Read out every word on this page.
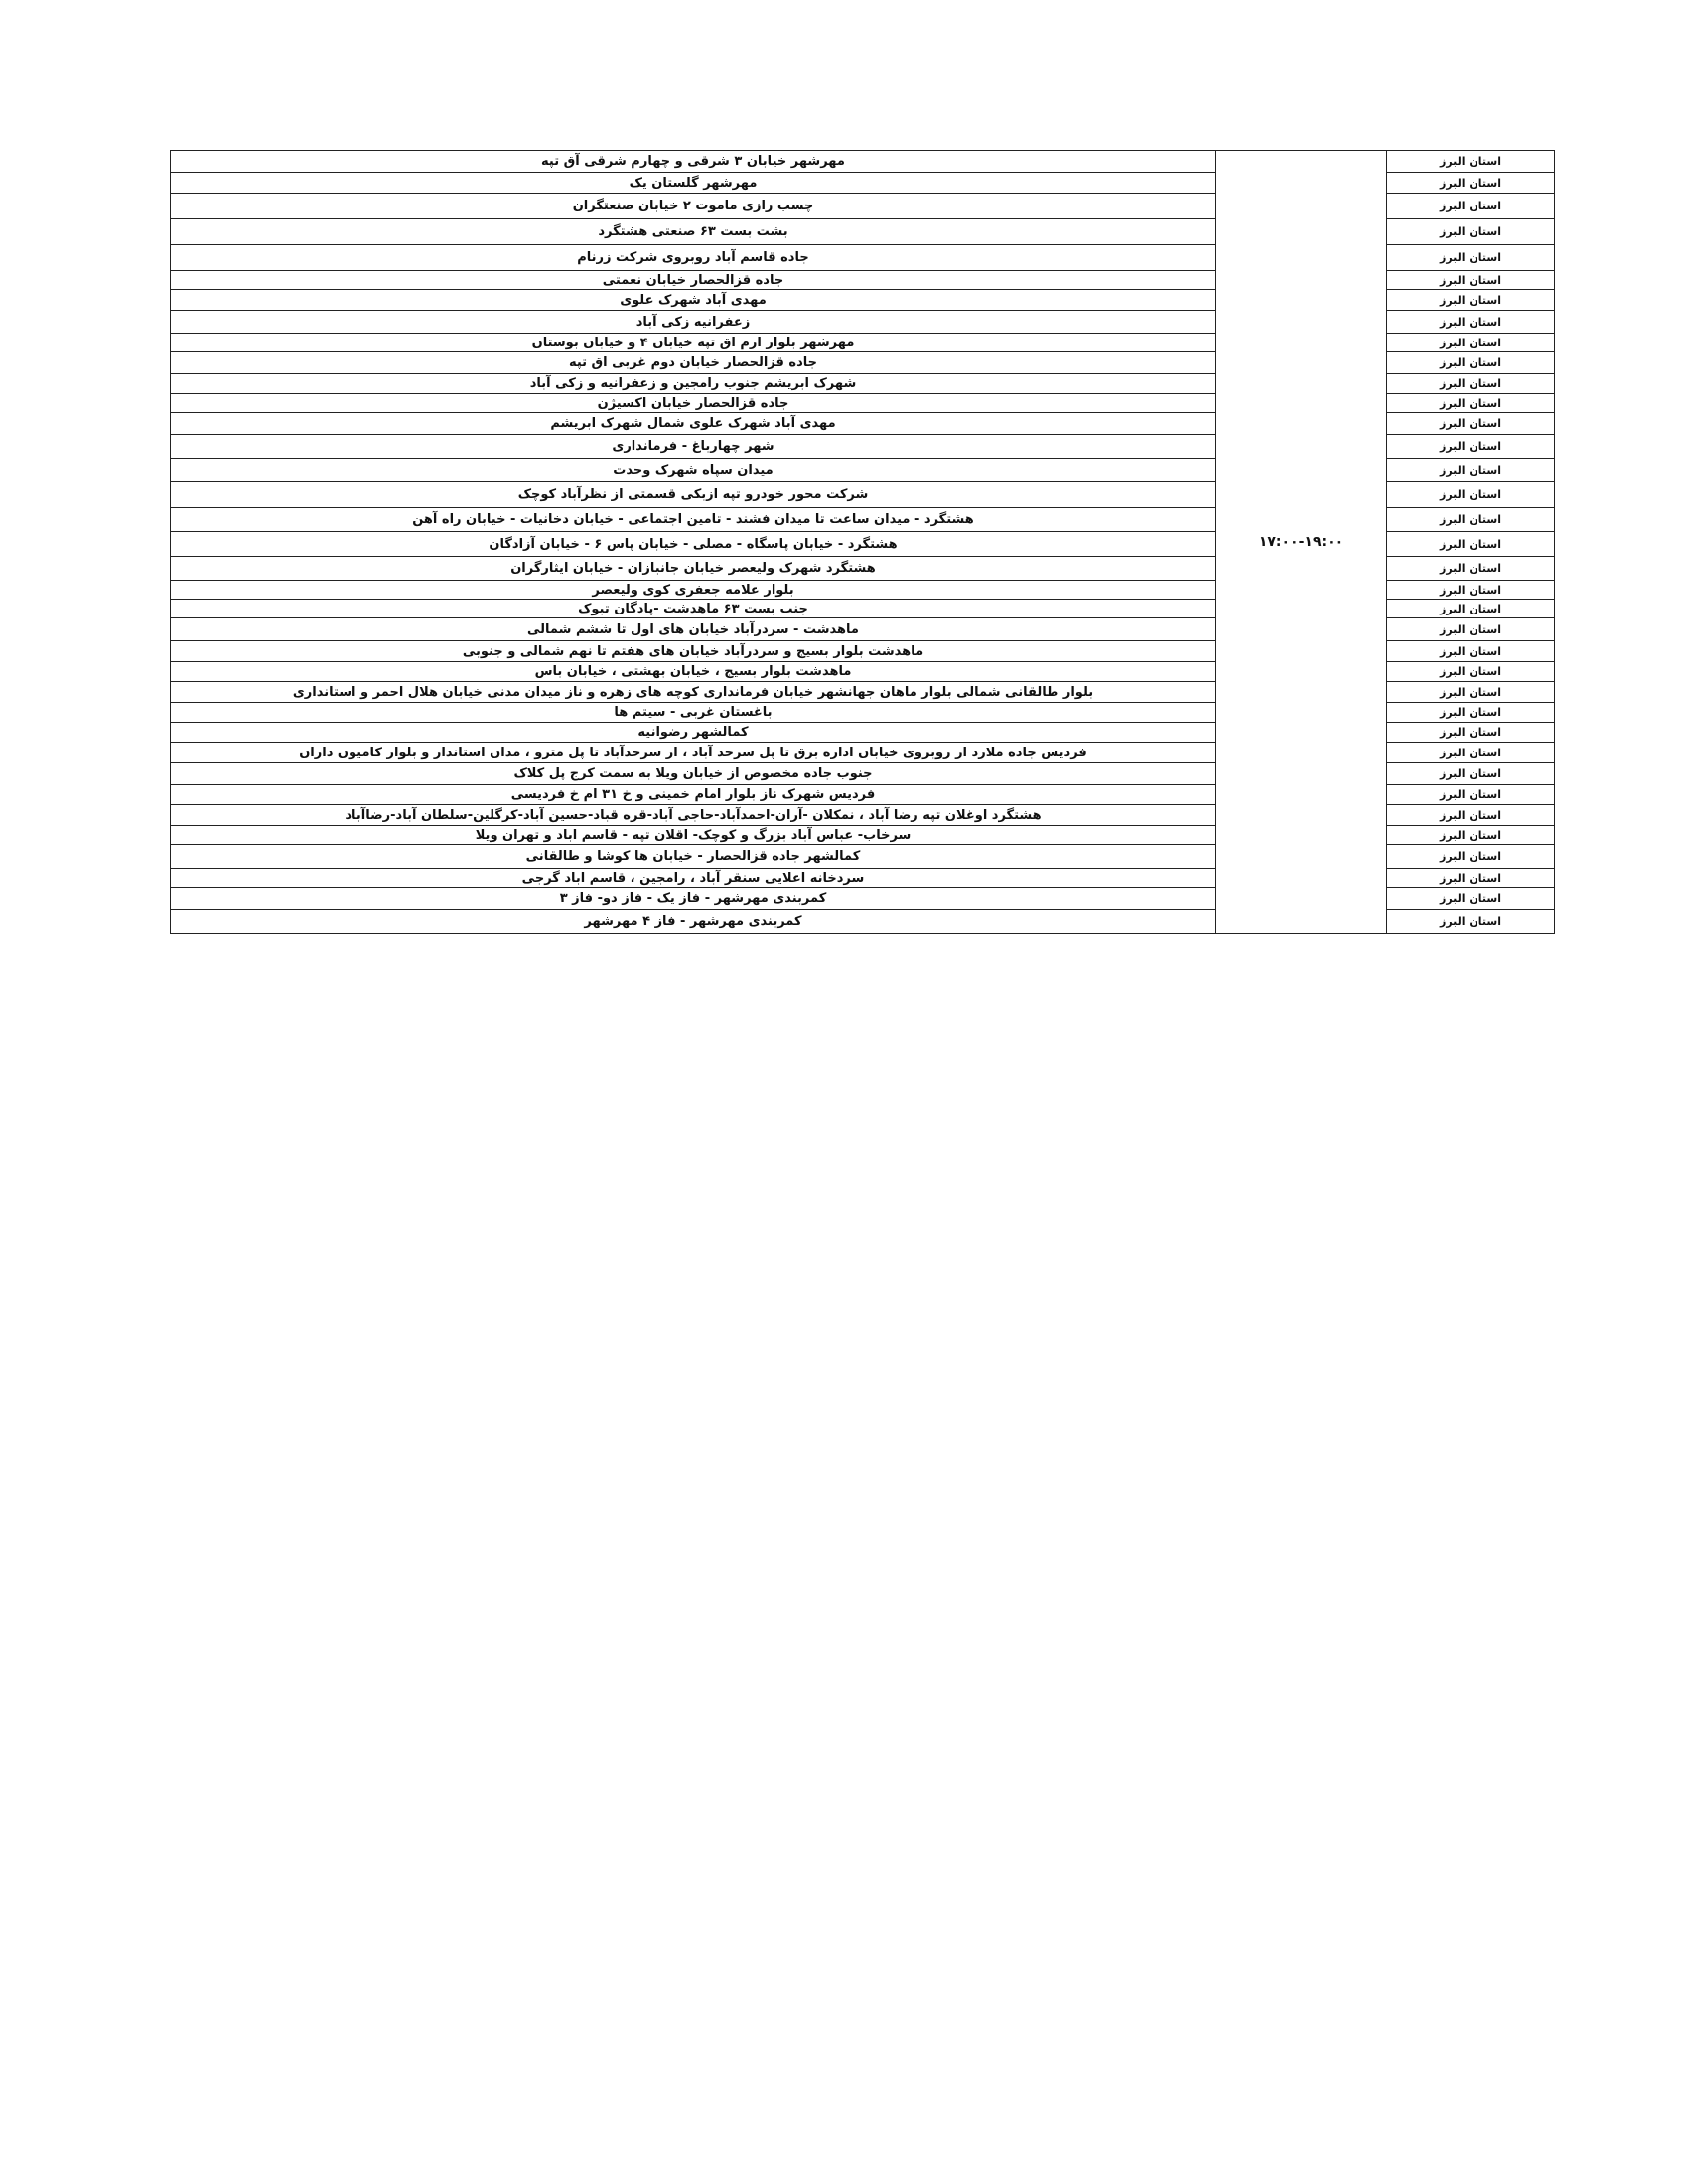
استان البرز	۱۷:۰۰-۱۹:۰۰	مهرشهر خیابان ۳ شرقی و چهارم شرقی آق تپه
استان البرز		مهرشهر گلستان یک
استان البرز		چسب رازی ماموت ۲ خیابان صنعتگران
استان البرز		بشت بست ۶۳ صنعتی هشتگرد
استان البرز		جاده قاسم آباد روبروی شرکت زرنام
استان البرز		جاده قزالحصار خیابان نعمتی
استان البرز		مهدی آباد شهرک علوی
استان البرز		زعفرانیه زکی آباد
استان البرز		مهرشهر بلوار ارم اق تپه خیابان ۴ و خیابان بوستان
استان البرز		جاده قزالحصار خیابان دوم غربی اق تپه
استان البرز		شهرک ابریشم جنوب رامجین و زعفرانیه و زکی آباد
استان البرز		جاده قزالحصار خیابان اکسیژن
استان البرز		مهدی آباد شهرک علوی شمال شهرک ابریشم
استان البرز		شهر چهارباغ - فرمانداری
استان البرز		میدان سپاه شهرک وحدت
استان البرز		شرکت محور خودرو تپه ازبکی قسمتی از نظرآباد کوچک
استان البرز		هشتگرد - میدان ساعت تا میدان فشند - تامین اجتماعی - خیابان دخانیات - خیابان راه آهن
استان البرز		هشتگرد - خیابان پاسگاه - مصلی - خیابان پاس ۶ - خیابان آزادگان
استان البرز		هشتگرد شهرک ولیعصر خیابان جانبازان - خیابان ایثارگران
استان البرز		بلوار علامه جعفری کوی ولیعصر
استان البرز		جنب بست ۶۳ ماهدشت -پادگان تبوک
استان البرز		ماهدشت - سردرآباد خیابان های اول تا ششم شمالی
استان البرز		ماهدشت بلوار بسیج و سردرآباد خیابان های هفتم تا نهم شمالی و جنوبی
استان البرز		ماهدشت بلوار بسیج ، خیابان بهشتی ، خیابان باس
استان البرز		بلوار طالقانی شمالی بلوار ماهان جهانشهر خیابان فرمانداری کوچه های زهره و ناز میدان مدنی خیابان هلال احمر و استانداری
استان البرز		باغستان غربی - سیتم ها
استان البرز		کمالشهر رضوانیه
استان البرز		فردیس جاده ملارد از روبروی خیابان اداره برق تا پل سرحد آباد ، از سرحدآباد تا پل مترو ، مدان استاندار و بلوار کامیون داران
استان البرز		جنوب جاده مخصوص از خیابان ویلا به سمت کرج پل کلاک
استان البرز		فردیس شهرک ناز بلوار امام خمینی و خ ۳۱ ام خ فردیسی
استان البرز		هشتگرد اوغلان تپه رضا آباد ، نمکلان -آران-احمدآباد-حاجی آباد-قره قباد-حسین آباد-کرگلین-سلطان آباد-رضاآباد
استان البرز		سرخاب- عباس آباد بزرگ و کوچک- اقلان تپه - قاسم اباد و تهران ویلا
استان البرز		کمالشهر جاده قزالحصار - خیابان ها کوشا و طالقانی
استان البرز		سردخانه اعلایی سنقر آباد ، رامجین ، قاسم اباد گرجی
استان البرز		کمربندی مهرشهر - فاز یک - فاز دو- فاز ۳
استان البرز		کمربندی مهرشهر - فاز ۴ مهرشهر
